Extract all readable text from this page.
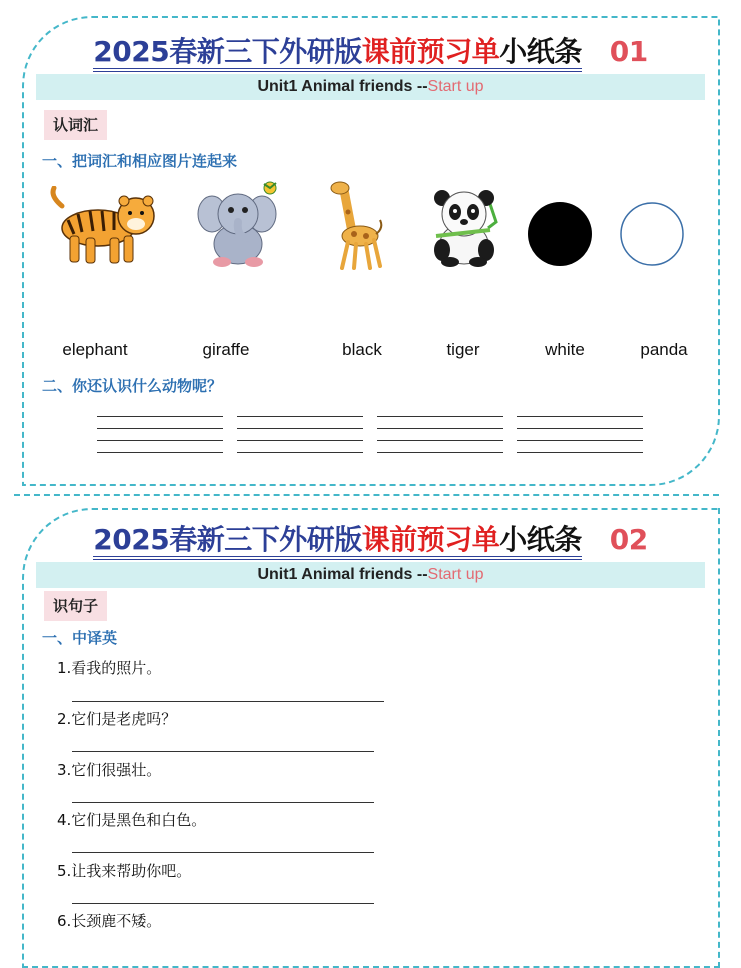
2025春新三下外研版课前预习单小纸条 01
Unit1 Animal friends --Start up
认词汇
一、把词汇和相应图片连起来
elephant	giraffe	black	tiger	white	panda
二、你还认识什么动物呢？
2025春新三下外研版课前预习单小纸条 02
Unit1 Animal friends --Start up
识句子
一、中译英
1.看我的照片。
2.它们是老虎吗？
3.它们很强壮。
4.它们是黑色和白色。
5.让我来帮助你吧。
6.长颈鹿不矮。
